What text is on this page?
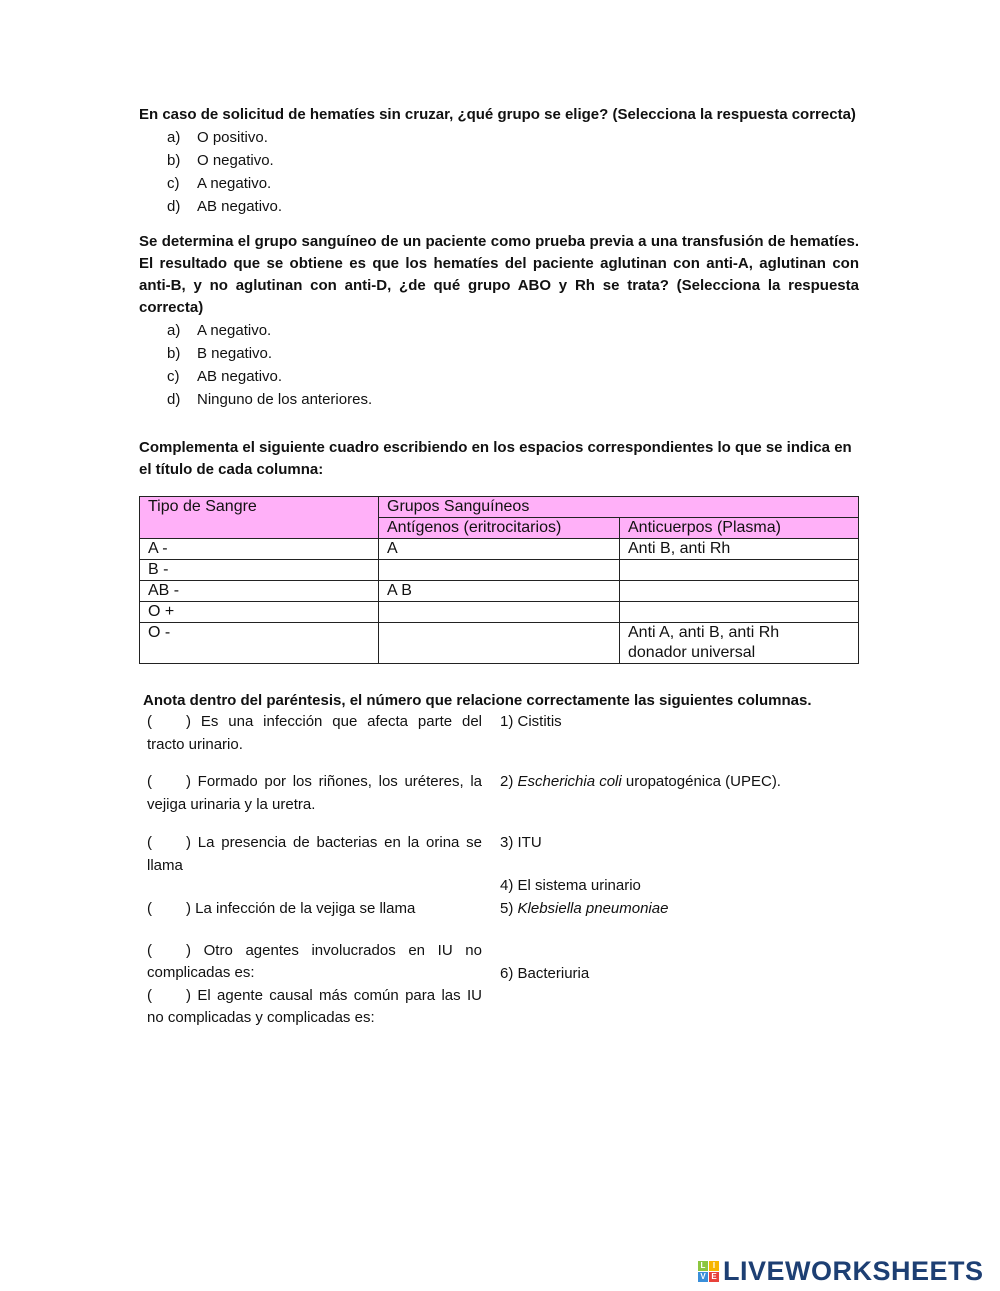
En caso de solicitud de hematíes sin cruzar, ¿qué grupo se elige? (Selecciona la respuesta correcta)
a) O positivo.
b) O negativo.
c) A negativo.
d) AB negativo.
Se determina el grupo sanguíneo de un paciente como prueba previa a una transfusión de hematíes. El resultado que se obtiene es que los hematíes del paciente aglutinan con anti-A, aglutinan con anti-B, y no aglutinan con anti-D, ¿de qué grupo ABO y Rh se trata? (Selecciona la respuesta correcta)
a) A negativo.
b) B negativo.
c) AB negativo.
d) Ninguno de los anteriores.
Complementa el siguiente cuadro escribiendo en los espacios correspondientes lo que se indica en el título de cada columna:
Tipo de Sangre	Grupos Sanguíneos	
	Antígenos (eritrocitarios)	Anticuerpos (Plasma)
A -	A	Anti B, anti Rh
B -		
AB -	A B	
O +		
O -		Anti A, anti B, anti Rh
donador universal
Anota dentro del paréntesis, el número que relacione correctamente las siguientes columnas.
( ) Es una infección que afecta parte del tracto urinario.
( ) Formado por los riñones, los uréteres, la vejiga urinaria y la uretra.
( ) La presencia de bacterias en la orina se llama
( ) La infección de la vejiga se llama
( ) Otro agentes involucrados en IU no complicadas es:
( ) El agente causal más común para las IU no complicadas y complicadas es:
1) Cistitis
2) Escherichia coli uropatogénica (UPEC).
3) ITU
4) El sistema urinario
5) Klebsiella pneumoniae
6) Bacteriuria
L I
V E LIVEWORKSHEETS
